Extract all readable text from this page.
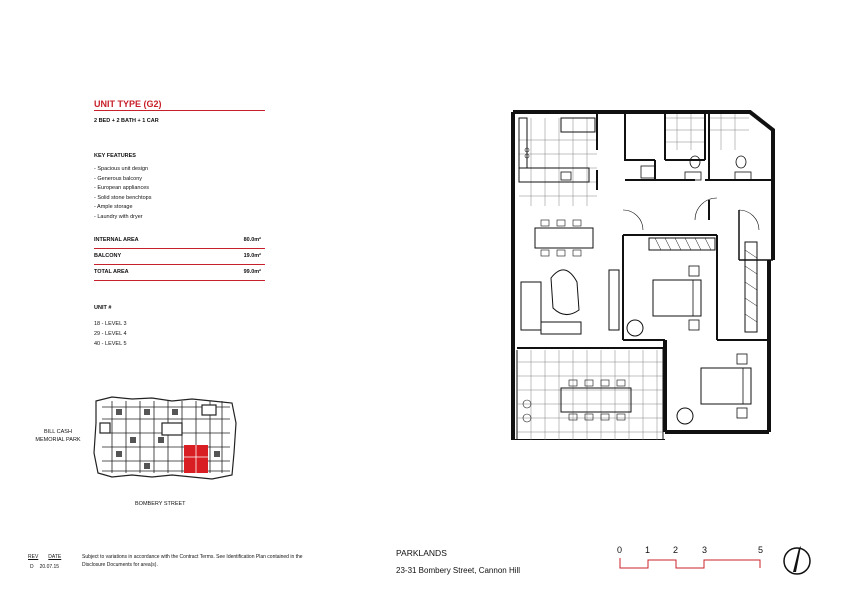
UNIT TYPE (G2)
2 BED + 2 BATH + 1 CAR
KEY FEATURES
- Spacious unit design
- Generous balcony
- European appliances
- Solid stone benchtops
- Ample storage
- Laundry with dryer
INTERNAL AREA	80.0m²
BALCONY	19.0m²
TOTAL AREA	99.0m²
UNIT #
18 - LEVEL 3
29 - LEVEL 4
40 - LEVEL 5
BILL CASH
MEMORIAL PARK
BOMBERY STREET
REV DATE
D 20.07.15
Subject to variations in accordance with the Contract Terms. See Identification Plan contained in the Disclosure Documents for area(s).
PARKLANDS
23-31 Bombery Street, Cannon Hill
0	1	2	3	5
